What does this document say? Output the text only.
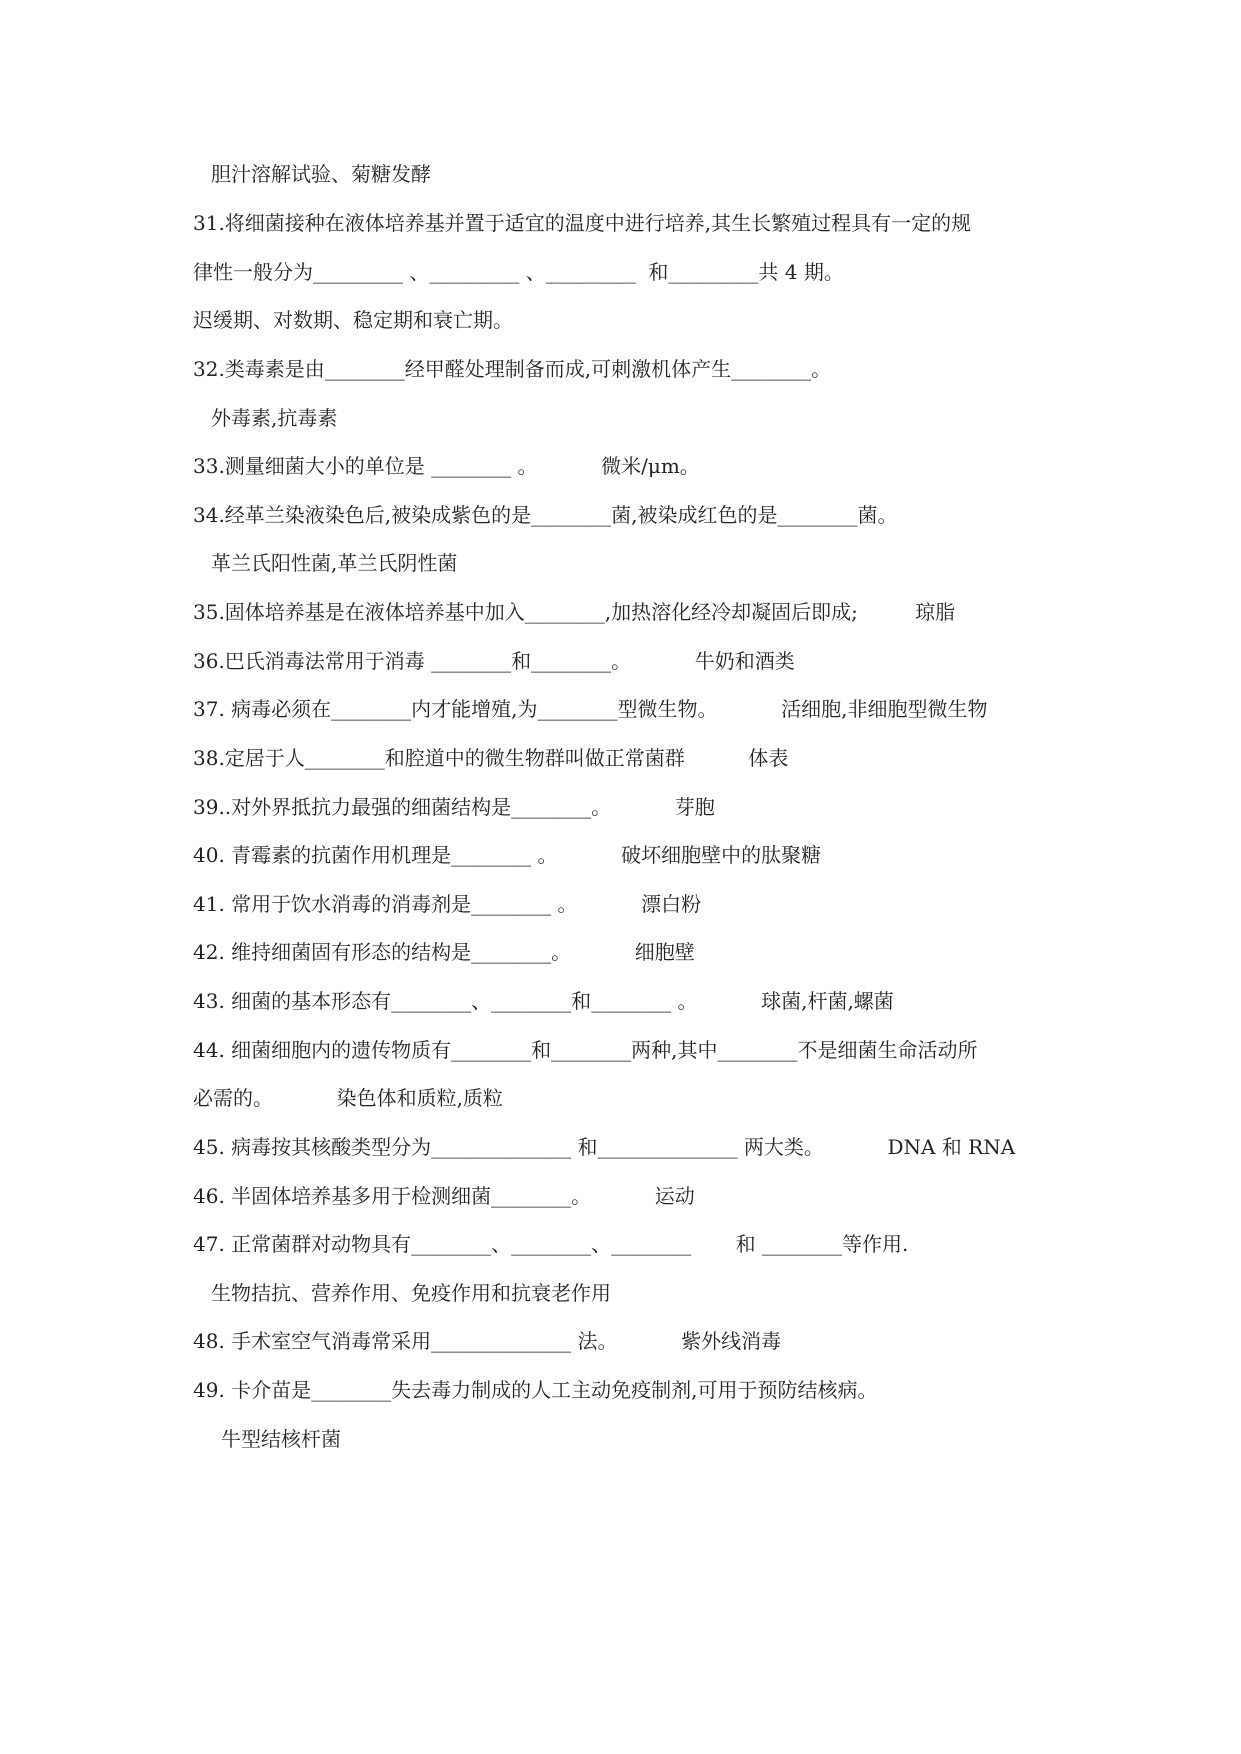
胆汁溶解试验、菊糖发酵
31.将细菌接种在液体培养基并置于适宜的温度中进行培养,其生长繁殖过程具有一定的规
律性一般分为_________ 、_________ 、_________  和_________共 4 期。
迟缓期、对数期、稳定期和衰亡期。
32.类毒素是由________经甲醛处理制备而成,可刺激机体产生________。
外毒素,抗毒素
33.测量细菌大小的单位是 ________ 。          微米/μm。
34.经革兰染液染色后,被染成紫色的是________菌,被染成红色的是________菌。
革兰氏阳性菌,革兰氏阴性菌
35.固体培养基是在液体培养基中加入________,加热溶化经冷却凝固后即成;         琼脂
36.巴氏消毒法常用于消毒 ________和________。          牛奶和酒类
37. 病毒必须在________内才能增殖,为________型微生物。          活细胞,非细胞型微生物
38.定居于人________和腔道中的微生物群叫做正常菌群          体表
39..对外界抵抗力最强的细菌结构是________。          芽胞
40. 青霉素的抗菌作用机理是________ 。          破坏细胞壁中的肽聚糖
41. 常用于饮水消毒的消毒剂是________ 。          漂白粉
42. 维持细菌固有形态的结构是________。          细胞壁
43. 细菌的基本形态有________、________和________ 。          球菌,杆菌,螺菌
44. 细菌细胞内的遗传物质有________和________两种,其中________不是细菌生命活动所
必需的。          染色体和质粒,质粒
45. 病毒按其核酸类型分为______________ 和______________ 两大类。          DNA 和 RNA
46. 半固体培养基多用于检测细菌________。          运动
47. 正常菌群对动物具有________、________、________       和 ________等作用.
生物拮抗、营养作用、免疫作用和抗衰老作用
48. 手术室空气消毒常采用______________ 法。          紫外线消毒
49. 卡介苗是________失去毒力制成的人工主动免疫制剂,可用于预防结核病。
牛型结核杆菌
